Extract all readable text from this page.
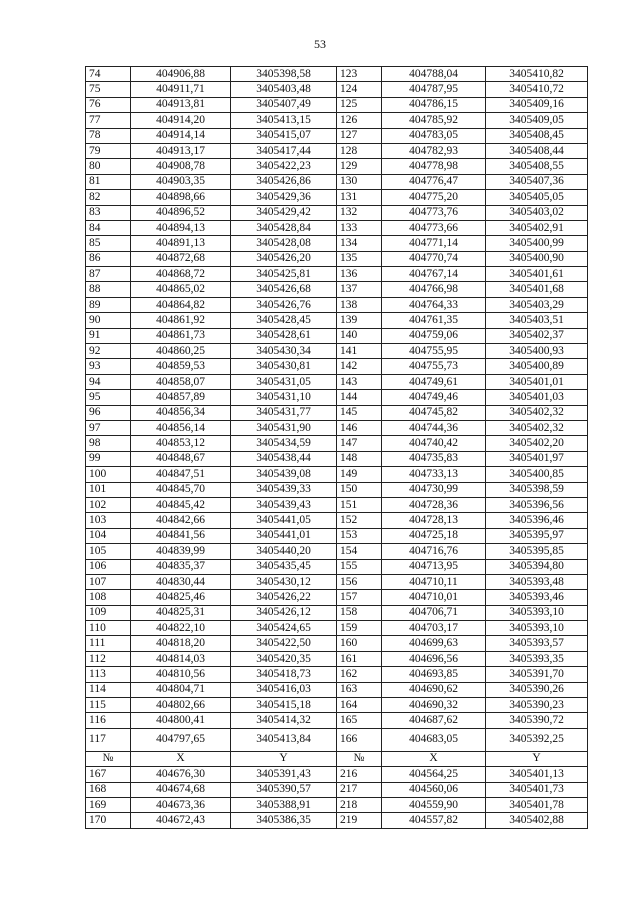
53
74	404906,88	3405398,58	123	404788,04	3405410,82
75	404911,71	3405403,48	124	404787,95	3405410,72
76	404913,81	3405407,49	125	404786,15	3405409,16
77	404914,20	3405413,15	126	404785,92	3405409,05
78	404914,14	3405415,07	127	404783,05	3405408,45
79	404913,17	3405417,44	128	404782,93	3405408,44
80	404908,78	3405422,23	129	404778,98	3405408,55
81	404903,35	3405426,86	130	404776,47	3405407,36
82	404898,66	3405429,36	131	404775,20	3405405,05
83	404896,52	3405429,42	132	404773,76	3405403,02
84	404894,13	3405428,84	133	404773,66	3405402,91
85	404891,13	3405428,08	134	404771,14	3405400,99
86	404872,68	3405426,20	135	404770,74	3405400,90
87	404868,72	3405425,81	136	404767,14	3405401,61
88	404865,02	3405426,68	137	404766,98	3405401,68
89	404864,82	3405426,76	138	404764,33	3405403,29
90	404861,92	3405428,45	139	404761,35	3405403,51
91	404861,73	3405428,61	140	404759,06	3405402,37
92	404860,25	3405430,34	141	404755,95	3405400,93
93	404859,53	3405430,81	142	404755,73	3405400,89
94	404858,07	3405431,05	143	404749,61	3405401,01
95	404857,89	3405431,10	144	404749,46	3405401,03
96	404856,34	3405431,77	145	404745,82	3405402,32
97	404856,14	3405431,90	146	404744,36	3405402,32
98	404853,12	3405434,59	147	404740,42	3405402,20
99	404848,67	3405438,44	148	404735,83	3405401,97
100	404847,51	3405439,08	149	404733,13	3405400,85
101	404845,70	3405439,33	150	404730,99	3405398,59
102	404845,42	3405439,43	151	404728,36	3405396,56
103	404842,66	3405441,05	152	404728,13	3405396,46
104	404841,56	3405441,01	153	404725,18	3405395,97
105	404839,99	3405440,20	154	404716,76	3405395,85
106	404835,37	3405435,45	155	404713,95	3405394,80
107	404830,44	3405430,12	156	404710,11	3405393,48
108	404825,46	3405426,22	157	404710,01	3405393,46
109	404825,31	3405426,12	158	404706,71	3405393,10
110	404822,10	3405424,65	159	404703,17	3405393,10
111	404818,20	3405422,50	160	404699,63	3405393,57
112	404814,03	3405420,35	161	404696,56	3405393,35
113	404810,56	3405418,73	162	404693,85	3405391,70
114	404804,71	3405416,03	163	404690,62	3405390,26
115	404802,66	3405415,18	164	404690,32	3405390,23
116	404800,41	3405414,32	165	404687,62	3405390,72
117	404797,65	3405413,84	166	404683,05	3405392,25
№	X	Y	№	X	Y
167	404676,30	3405391,43	216	404564,25	3405401,13
168	404674,68	3405390,57	217	404560,06	3405401,73
169	404673,36	3405388,91	218	404559,90	3405401,78
170	404672,43	3405386,35	219	404557,82	3405402,88
